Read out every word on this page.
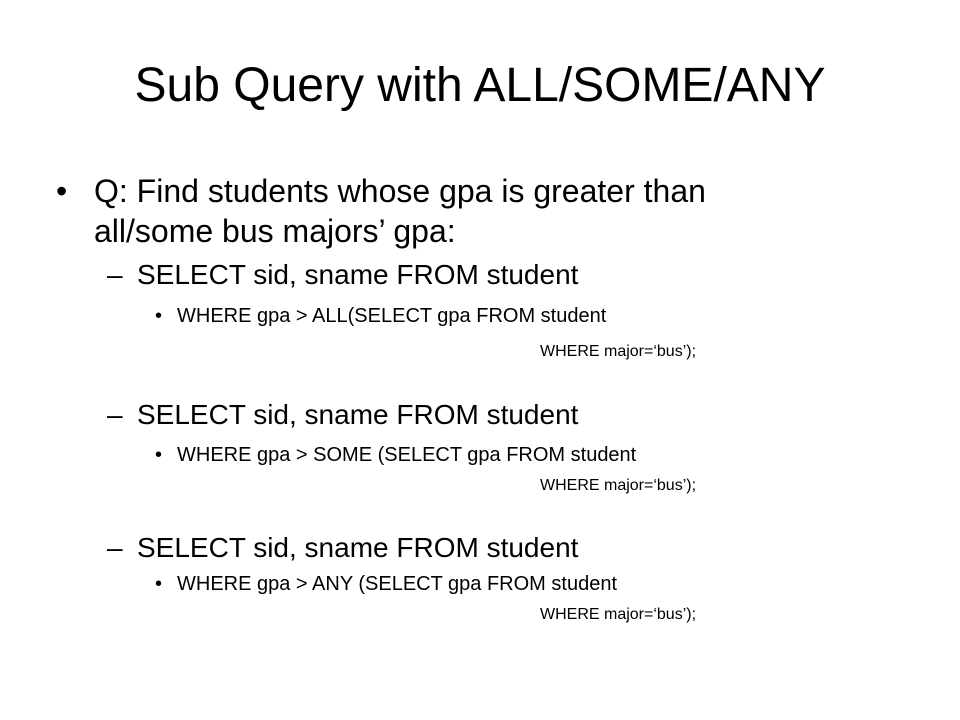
Sub Query with ALL/SOME/ANY
• Q: Find students whose gpa is greater than
all/some bus majors’ gpa:
– SELECT sid, sname FROM student
• WHERE gpa > ALL(SELECT gpa FROM student
WHERE major=‘bus’);
– SELECT sid, sname FROM student
• WHERE gpa > SOME (SELECT gpa FROM student
WHERE major=‘bus’);
– SELECT sid, sname FROM student
• WHERE gpa > ANY (SELECT gpa FROM student
WHERE major=‘bus’);
